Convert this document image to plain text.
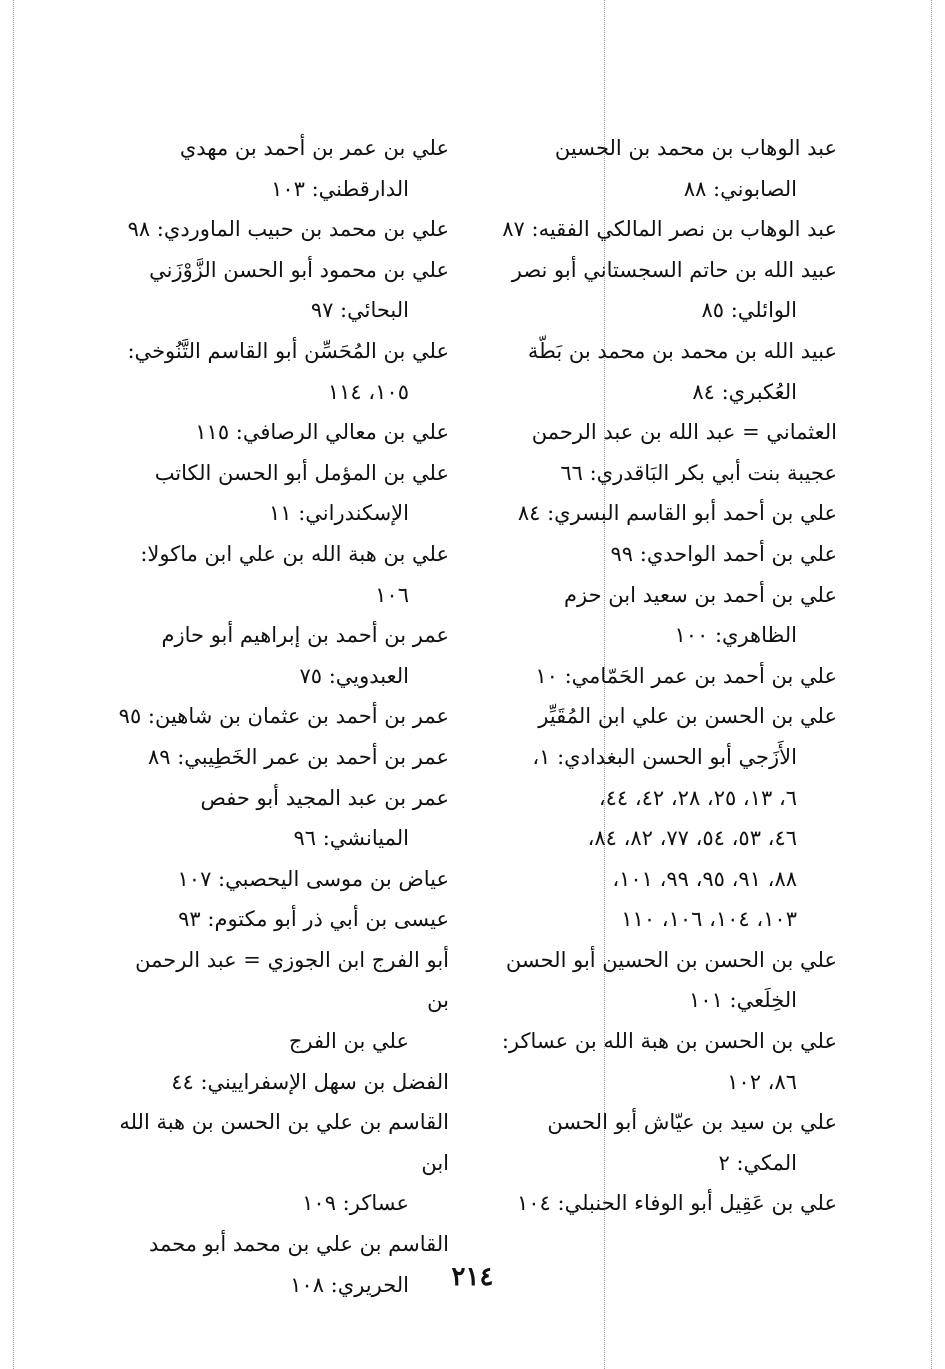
عبد الوهاب بن محمد بن الحسين
الصابوني: ٨٨
عبد الوهاب بن نصر المالكي الفقيه: ٨٧
عبيد الله بن حاتم السجستاني أبو نصر
الوائلي: ٨٥
عبيد الله بن محمد بن محمد بن بَطّة
العُكبري: ٨٤
العثماني = عبد الله بن عبد الرحمن
عجيبة بنت أبي بكر البَاقدري: ٦٦
علي بن أحمد أبو القاسم البسري: ٨٤
علي بن أحمد الواحدي: ٩٩
علي بن أحمد بن سعيد ابن حزم
الظاهري: ١٠٠
علي بن أحمد بن عمر الحَمّامي: ١٠
علي بن الحسن بن علي ابن المُقَيِّر
الأَزَجي أبو الحسن البغدادي: ١،
٦، ١٣، ٢٥، ٢٨، ٤٢، ٤٤،
٤٦، ٥٣، ٥٤، ٧٧، ٨٢، ٨٤،
٨٨، ٩١، ٩٥، ٩٩، ١٠١،
١٠٣، ١٠٤، ١٠٦، ١١٠
علي بن الحسن بن الحسين أبو الحسن
الخِلَعي: ١٠١
علي بن الحسن بن هبة الله بن عساكر:
٨٦، ١٠٢
علي بن سيد بن عيّاش أبو الحسن
المكي: ٢
علي بن عَقِيل أبو الوفاء الحنبلي: ١٠٤
علي بن عمر بن أحمد بن مهدي
الدارقطني: ١٠٣
علي بن محمد بن حبيب الماوردي: ٩٨
علي بن محمود أبو الحسن الزَّوْزَني
البحائي: ٩٧
علي بن المُحَسِّن أبو القاسم التَّنُوخي:
١٠٥، ١١٤
علي بن معالي الرصافي: ١١٥
علي بن المؤمل أبو الحسن الكاتب
الإسكندراني: ١١
علي بن هبة الله بن علي ابن ماكولا:
١٠٦
عمر بن أحمد بن إبراهيم أبو حازم
العبدويي: ٧٥
عمر بن أحمد بن عثمان بن شاهين: ٩٥
عمر بن أحمد بن عمر الخَطِيبي: ٨٩
عمر بن عبد المجيد أبو حفص
الميانشي: ٩٦
عياض بن موسى اليحصبي: ١٠٧
عيسى بن أبي ذر أبو مكتوم: ٩٣
أبو الفرج ابن الجوزي = عبد الرحمن بن
علي بن الفرج
الفضل بن سهل الإسفراييني: ٤٤
القاسم بن علي بن الحسن بن هبة الله ابن
عساكر: ١٠٩
القاسم بن علي بن محمد أبو محمد
الحريري: ١٠٨	٢١٤
